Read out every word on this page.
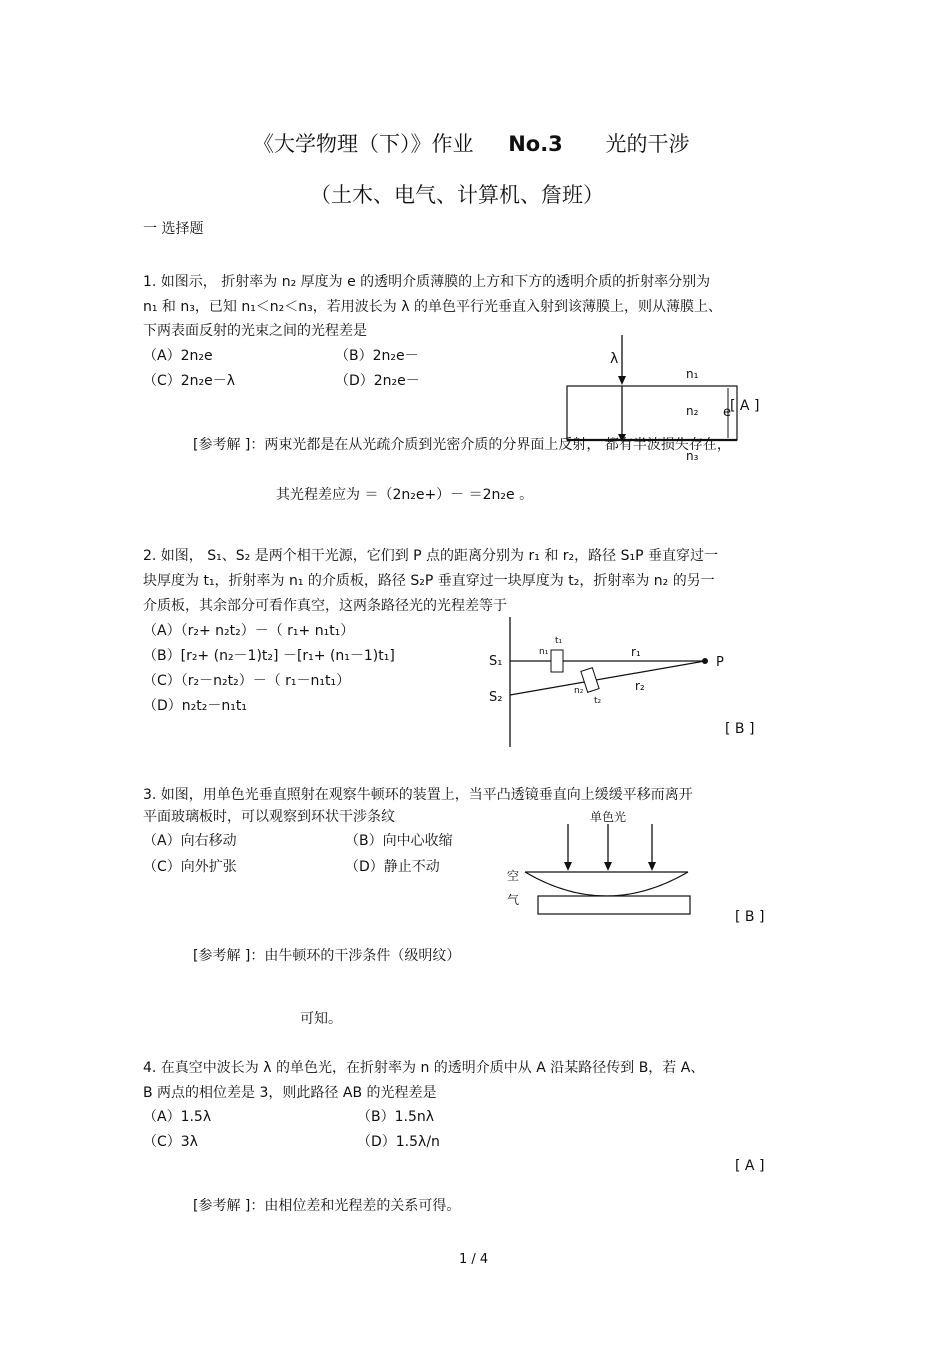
《大学物理（下）》作业 No.3 光的干涉
（土木、电气、计算机、詹班）
一 选择题
1. 如图示， 折射率为 n₂ 厚度为 e 的透明介质薄膜的上方和下方的透明介质的折射率分别为
n₁ 和 n₃，已知 n₁＜n₂＜n₃，若用波长为 λ 的单色平行光垂直入射到该薄膜上，则从薄膜上、
下两表面反射的光束之间的光程差是
（A）2n₂e	（B）2n₂e－
（C）2n₂e－λ	（D）2n₂e－
[ A ]
λ
n₁
n₂
n₃
e
[参考解 ]：两束光都是在从光疏介质到光密介质的分界面上反射， 都有半波损失存在，
其光程差应为 ＝（2n₂e+）－ ＝2n₂e 。
2. 如图， S₁、S₂ 是两个相干光源，它们到 P 点的距离分别为 r₁ 和 r₂，路径 S₁P 垂直穿过一
块厚度为 t₁，折射率为 n₁ 的介质板，路径 S₂P 垂直穿过一块厚度为 t₂，折射率为 n₂ 的另一
介质板，其余部分可看作真空，这两条路径光的光程差等于
（A）（r₂+ n₂t₂）－（ r₁+ n₁t₁）
（B）[r₂+ (n₂－1)t₂] －[r₁+ (n₁－1)t₁]
（C）（r₂－n₂t₂）－（ r₁－n₁t₁）
（D）n₂t₂－n₁t₁
[ B ]
S₁
S₂
P
n₁
t₁
n₂
t₂
r₁
r₂
3. 如图，用单色光垂直照射在观察牛顿环的装置上，当平凸透镜垂直向上缓缓平移而离开
平面玻璃板时，可以观察到环状干涉条纹
（A）向右移动	（B）向中心收缩
（C）向外扩张	（D）静止不动
[ B ]
单色光
空
气
[参考解 ]：由牛顿环的干涉条件（级明纹）
可知。
4. 在真空中波长为 λ 的单色光，在折射率为 n 的透明介质中从 A 沿某路径传到 B，若 A、
B 两点的相位差是 3，则此路径 AB 的光程差是
（A）1.5λ	（B）1.5nλ
（C）3λ	（D）1.5λ/n
[ A ]
[参考解 ]：由相位差和光程差的关系可得。
1 / 4
